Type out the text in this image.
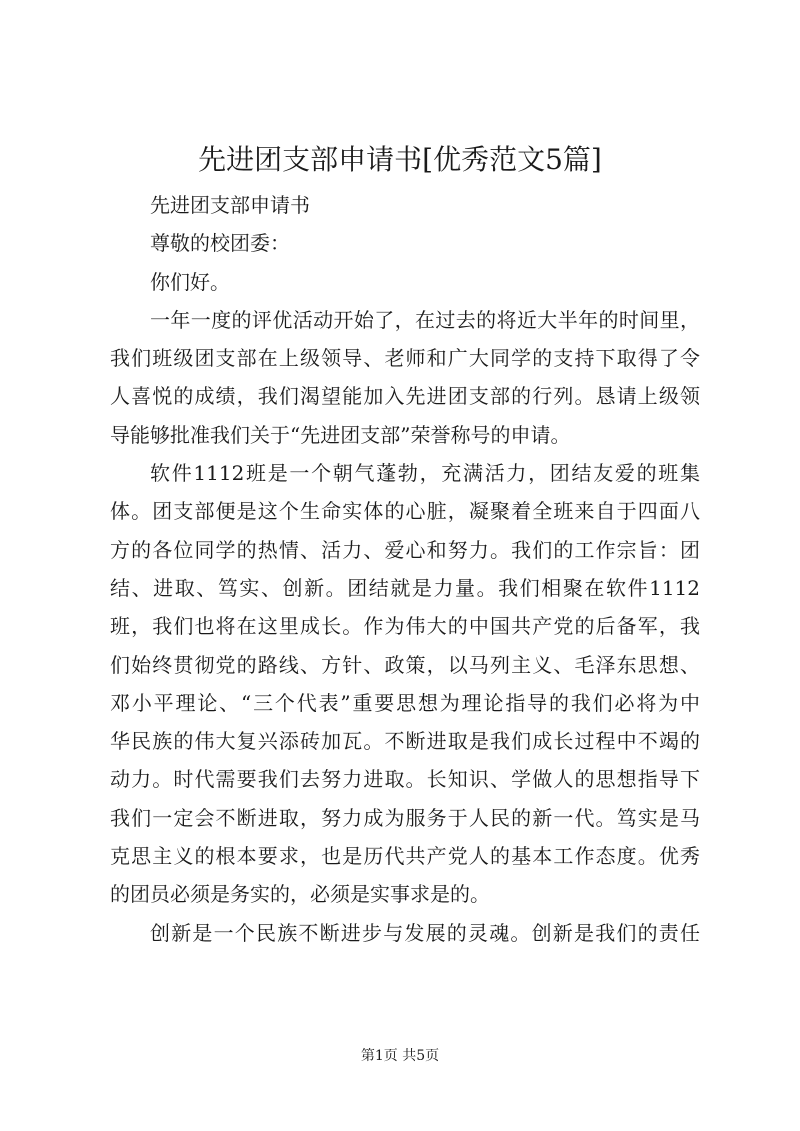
先进团支部申请书[优秀范文5篇]

先进团支部申请书

尊敬的校团委：

你们好。

一年一度的评优活动开始了，在过去的将近大半年的时间里，

我们班级团支部在上级领导、老师和广大同学的支持下取得了令

人喜悦的成绩，我们渴望能加入先进团支部的行列。恳请上级领

导能够批准我们关于“先进团支部”荣誉称号的申请。

软件1112班是一个朝气蓬勃，充满活力，团结友爱的班集

体。团支部便是这个生命实体的心脏，凝聚着全班来自于四面八

方的各位同学的热情、活力、爱心和努力。我们的工作宗旨：团

结、进取、笃实、创新。团结就是力量。我们相聚在软件1112

班，我们也将在这里成长。作为伟大的中国共产党的后备军，我

们始终贯彻党的路线、方针、政策，以马列主义、毛泽东思想、

邓小平理论、“三个代表”重要思想为理论指导的我们必将为中

华民族的伟大复兴添砖加瓦。不断进取是我们成长过程中不竭的

动力。时代需要我们去努力进取。长知识、学做人的思想指导下

我们一定会不断进取，努力成为服务于人民的新一代。笃实是马

克思主义的根本要求，也是历代共产党人的基本工作态度。优秀

的团员必须是务实的，必须是实事求是的。

创新是一个民族不断进步与发展的灵魂。创新是我们的责任

第1页 共5页
